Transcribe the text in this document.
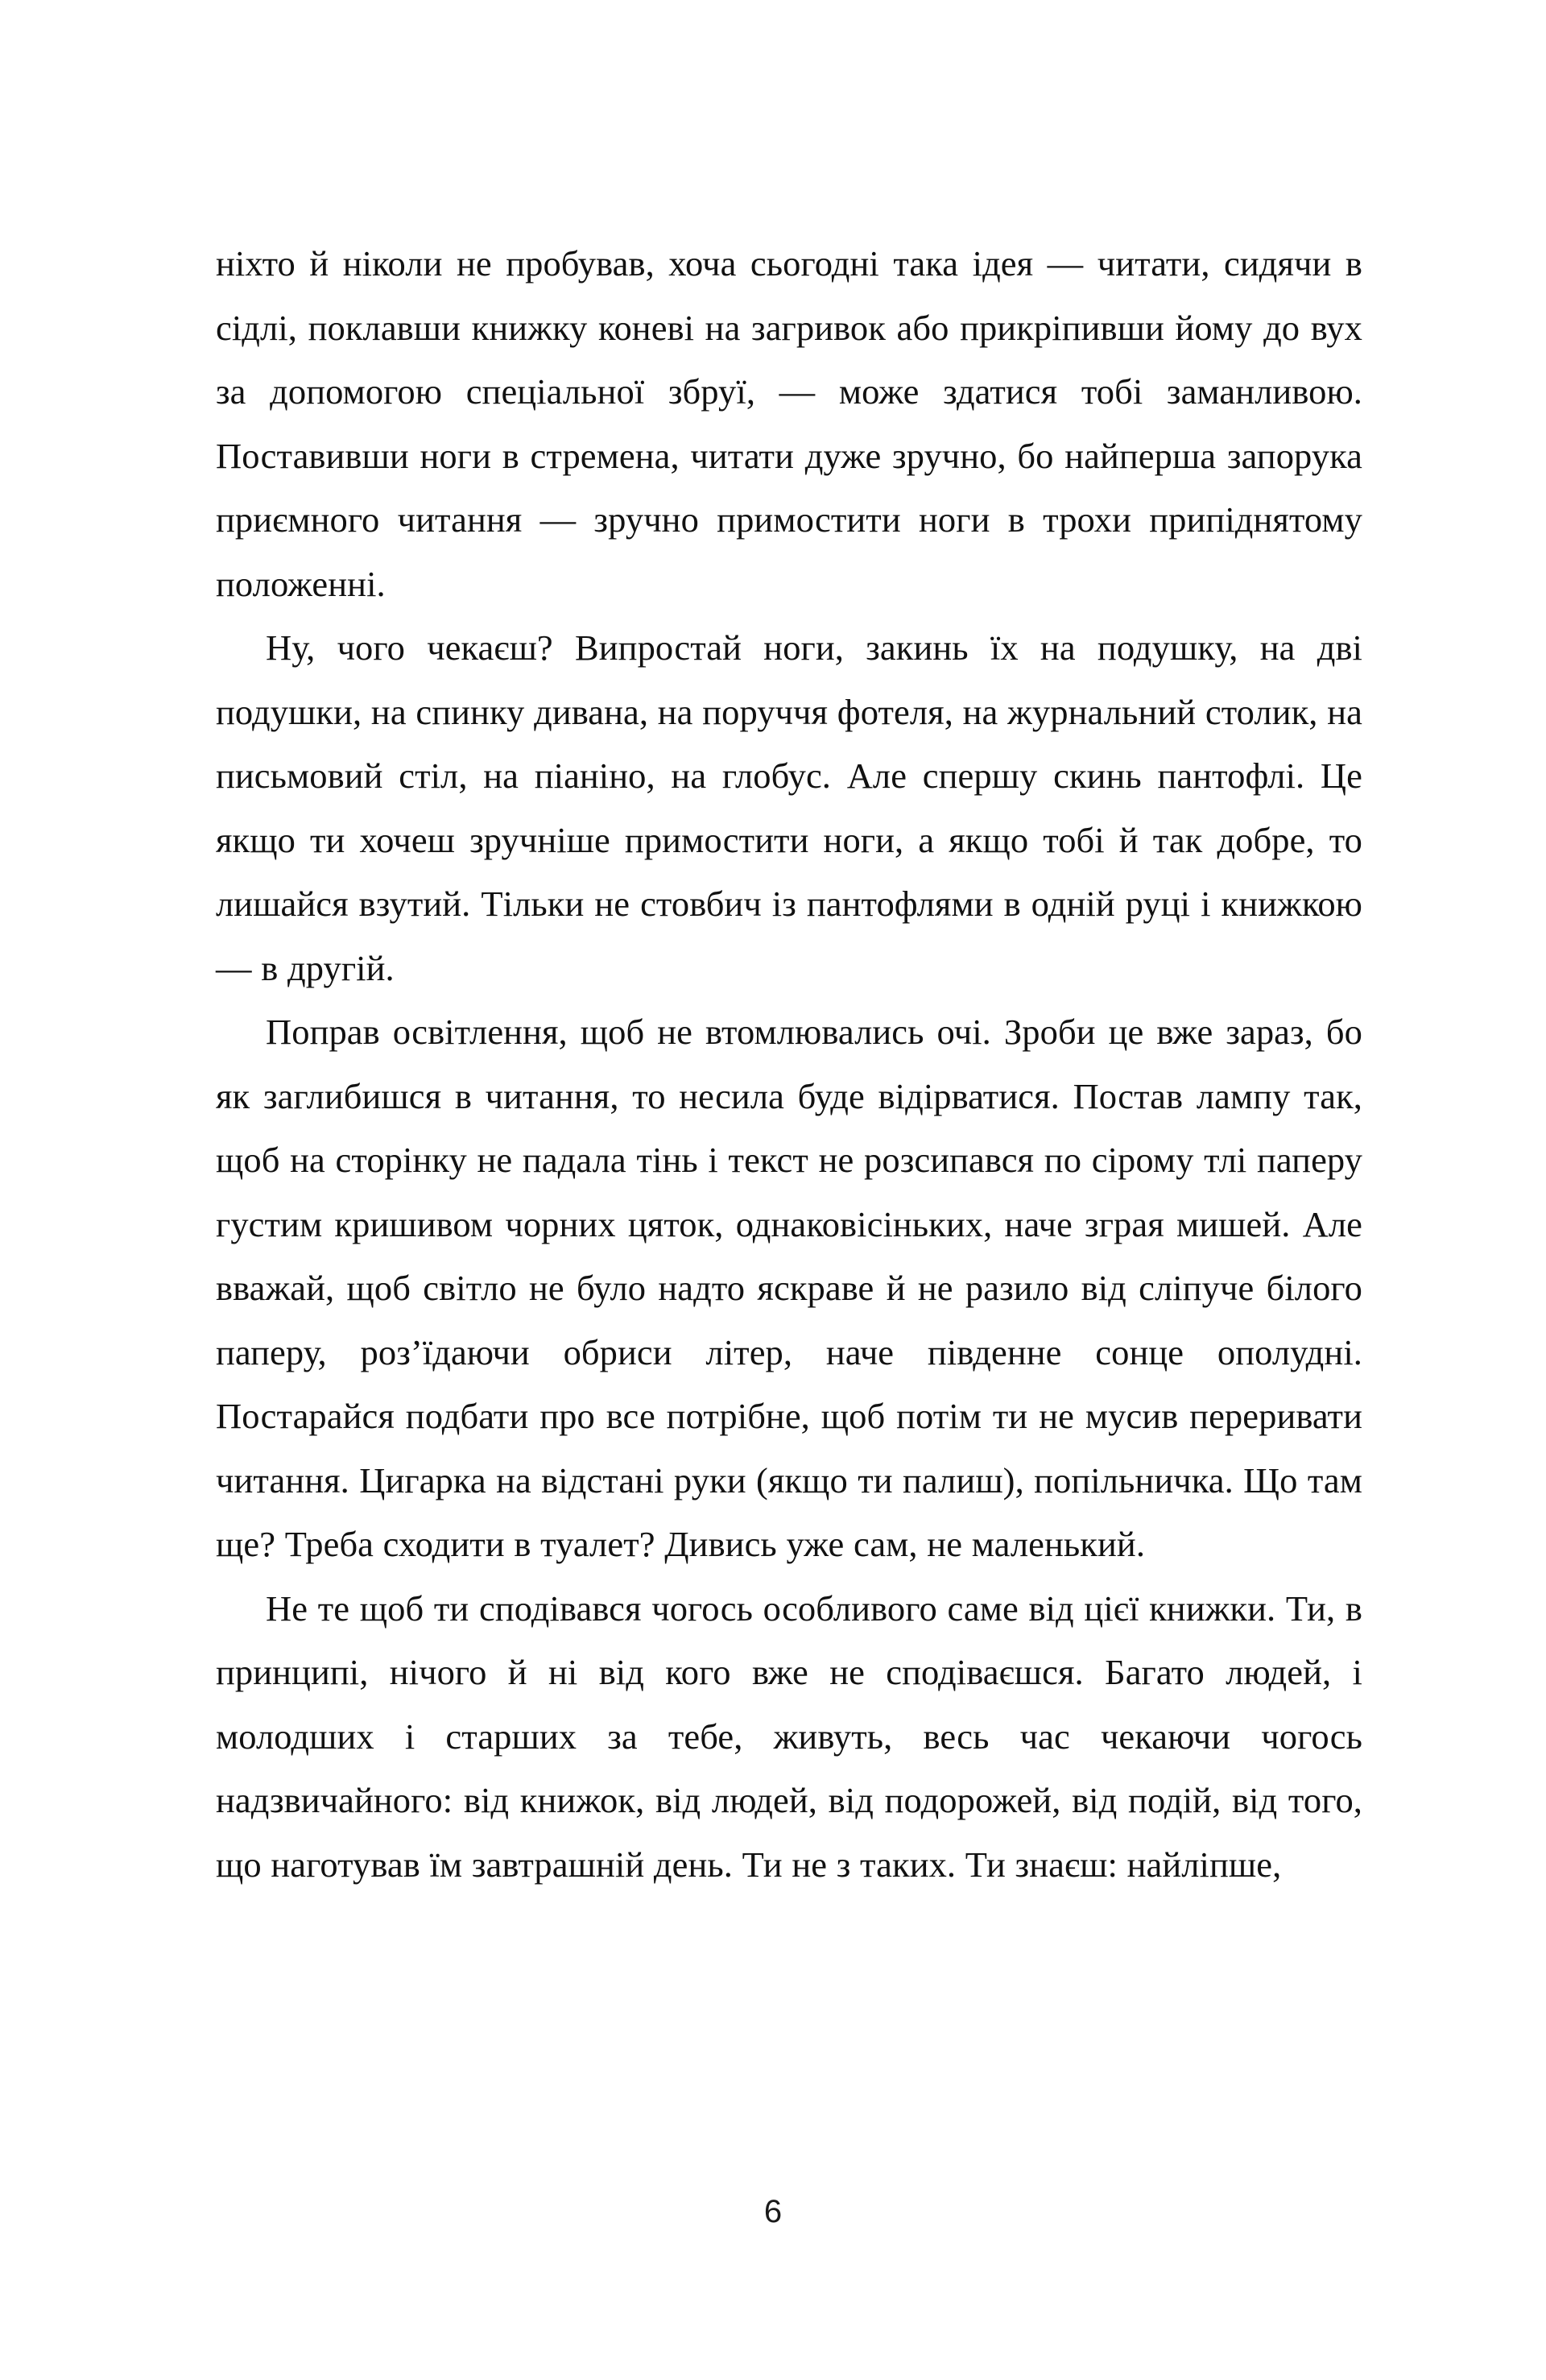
ніхто й ніколи не пробував, хоча сьогодні така ідея — читати, сидячи в сідлі, поклавши книжку коневі на загривок або прикріпивши йому до вух за допомогою спеціальної збруї, — може здатися тобі заманливою. Поставивши ноги в стремена, читати дуже зручно, бо найперша запорука приємного читання — зручно примостити ноги в трохи припіднятому положенні.

Ну, чого чекаєш? Випростай ноги, закинь їх на подушку, на дві подушки, на спинку дивана, на поруччя фотеля, на журнальний столик, на письмовий стіл, на піаніно, на глобус. Але спершу скинь пантофлі. Це якщо ти хочеш зручніше примостити ноги, а якщо тобі й так добре, то лишайся взутий. Тільки не стовбич із пантофлями в одній руці і книжкою — в другій.

Поправ освітлення, щоб не втомлювались очі. Зроби це вже зараз, бо як заглибишся в читання, то несила буде відірватися. Постав лампу так, щоб на сторінку не падала тінь і текст не розсипався по сірому тлі паперу густим кришивом чорних цяток, однаковісіньких, наче зграя мишей. Але вважай, щоб світло не було надто яскраве й не разило від сліпуче білого паперу, роз’їдаючи обриси літер, наче південне сонце ополудні. Постарайся подбати про все потрібне, щоб потім ти не мусив переривати читання. Цигарка на відстані руки (якщо ти палиш), попільничка. Що там ще? Треба сходити в туалет? Дивись уже сам, не маленький.

Не те щоб ти сподівався чогось особливого саме від цієї книжки. Ти, в принципі, нічого й ні від кого вже не сподіваєшся. Багато людей, і молодших і старших за тебе, живуть, весь час чекаючи чогось надзвичайного: від книжок, від людей, від подорожей, від подій, від того, що наготував їм завтрашній день. Ти не з таких. Ти знаєш: найліпше,

6
